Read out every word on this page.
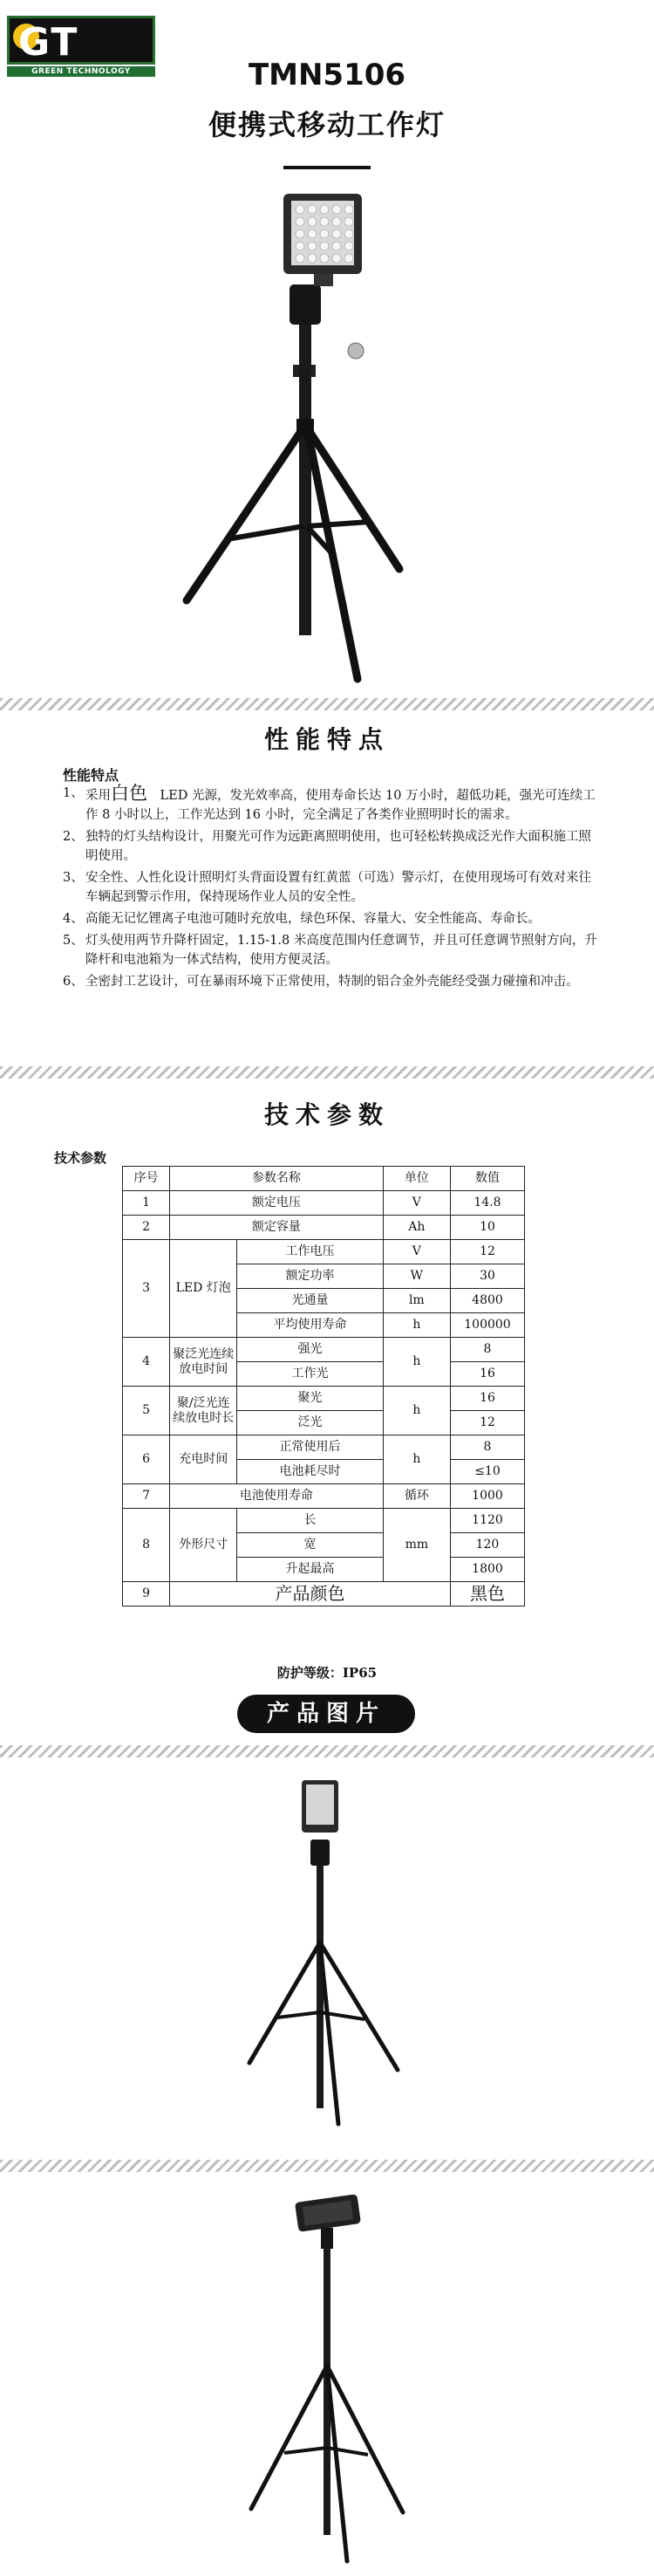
GT
GREEN TECHNOLOGY	TMN5106
便携式移动工作灯
性能特点
性能特点
1、 采用白色　 LED 光源，发光效率高，使用寿命长达 10 万小时，超低功耗，强光可连续工作 8 小时以上，工作光达到 16 小时，完全满足了各类作业照明时长的需求。
2、 独特的灯头结构设计，用聚光可作为远距离照明使用，也可轻松转换成泛光作大面积施工照明使用。
3、 安全性、人性化设计照明灯头背面设置有红黄蓝（可选）警示灯，在使用现场可有效对来往车辆起到警示作用，保持现场作业人员的安全性。
4、 高能无记忆锂离子电池可随时充放电，绿色环保、容量大、安全性能高、寿命长。
5、 灯头使用两节升降杆固定，1.15-1.8 米高度范围内任意调节，并且可任意调节照射方向，升降杆和电池箱为一体式结构，使用方便灵活。
6、 全密封工艺设计，可在暴雨环境下正常使用，特制的铝合金外壳能经受强力碰撞和冲击。
技术参数
技术参数
序号	参数名称		单位	数值
1	额定电压		V	14.8
2	额定容量		Ah	10
3	LED 灯泡	工作电压	V	12
		额定功率	W	30
		光通量	lm	4800
		平均使用寿命	h	100000
4	聚泛光连续放电时间	强光	h	8
		工作光		16
5	聚/泛光连续放电时长	聚光	h	16
		泛光		12
6	充电时间	正常使用后	h	8
		电池耗尽时		≤10
7	电池使用寿命		循环	1000
8	外形尺寸	长	mm	1120
		宽		120
		升起最高		1800
9	产品颜色			黑色
防护等级：IP65
产品图片
